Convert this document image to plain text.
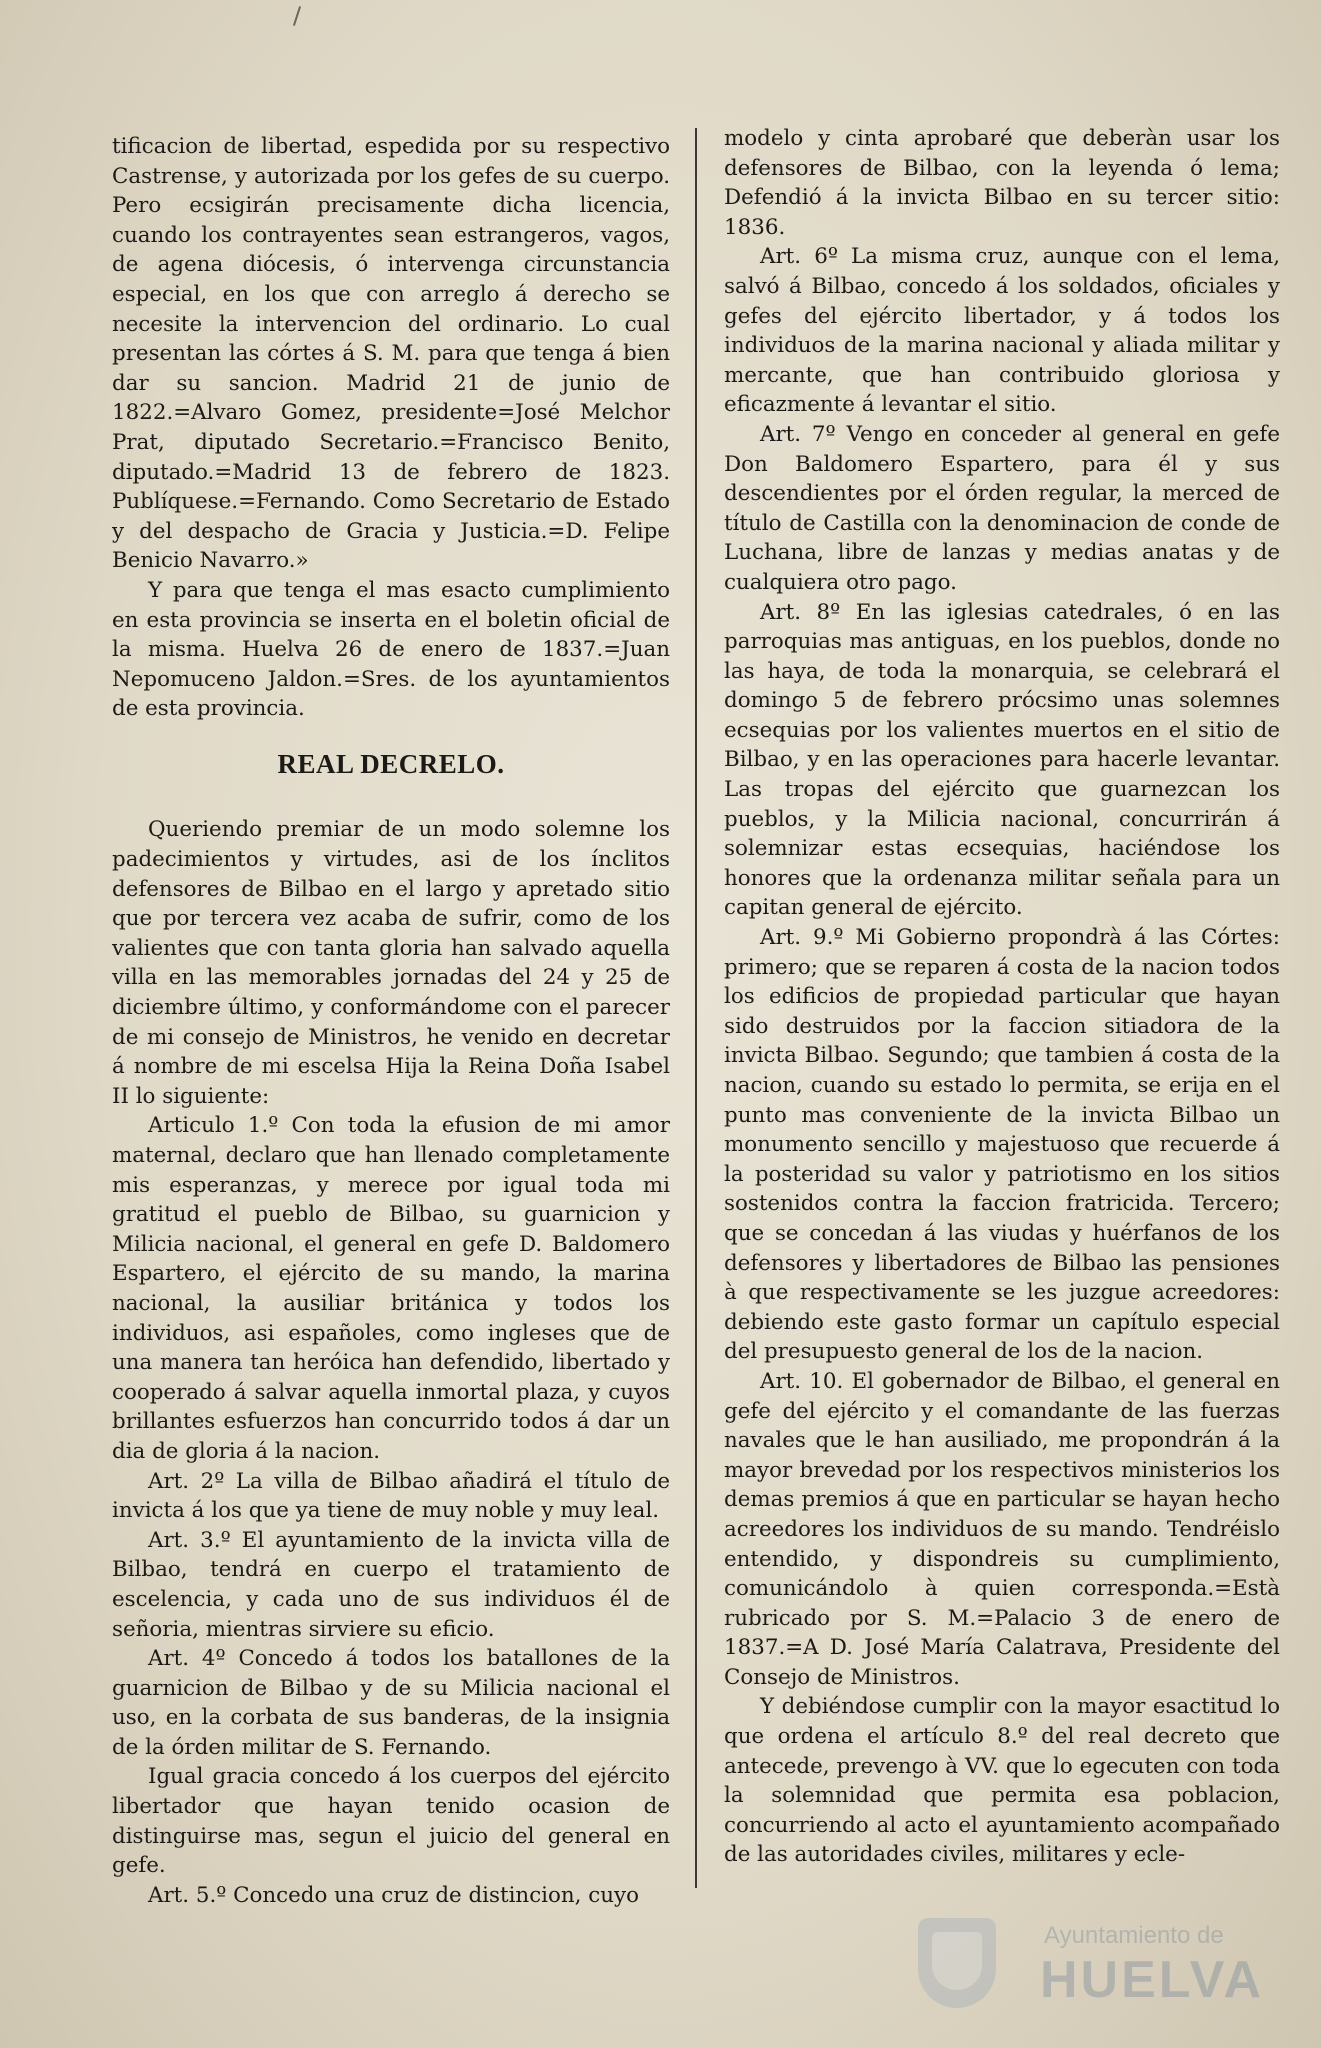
tificacion de libertad, espedida por su respectivo Castrense, y autorizada por los gefes de su cuerpo. Pero ecsigirán precisamente dicha licencia, cuando los contrayentes sean estrangeros, vagos, de agena diócesis, ó intervenga circunstancia especial, en los que con arreglo á derecho se necesite la intervencion del ordinario. Lo cual presentan las córtes á S. M. para que tenga á bien dar su sancion. Madrid 21 de junio de 1822.=Alvaro Gomez, presidente=José Melchor Prat, diputado Secretario.=Francisco Benito, diputado.=Madrid 13 de febrero de 1823. Publíquese.=Fernando. Como Secretario de Estado y del despacho de Gracia y Justicia.=D. Felipe Benicio Navarro.»

Y para que tenga el mas esacto cumplimiento en esta provincia se inserta en el boletin oficial de la misma. Huelva 26 de enero de 1837.=Juan Nepomuceno Jaldon.=Sres. de los ayuntamientos de esta provincia.

REAL DECRELO.

Queriendo premiar de un modo solemne los padecimientos y virtudes, asi de los ínclitos defensores de Bilbao en el largo y apretado sitio que por tercera vez acaba de sufrir, como de los valientes que con tanta gloria han salvado aquella villa en las memorables jornadas del 24 y 25 de diciembre último, y conformándome con el parecer de mi consejo de Ministros, he venido en decretar á nombre de mi escelsa Hija la Reina Doña Isabel II lo siguiente:

Articulo 1.º Con toda la efusion de mi amor maternal, declaro que han llenado completamente mis esperanzas, y merece por igual toda mi gratitud el pueblo de Bilbao, su guarnicion y Milicia nacional, el general en gefe D. Baldomero Espartero, el ejército de su mando, la marina nacional, la ausiliar británica y todos los individuos, asi españoles, como ingleses que de una manera tan heróica han defendido, libertado y cooperado á salvar aquella inmortal plaza, y cuyos brillantes esfuerzos han concurrido todos á dar un dia de gloria á la nacion.

Art. 2º La villa de Bilbao añadirá el título de invicta á los que ya tiene de muy noble y muy leal.

Art. 3.º El ayuntamiento de la invicta villa de Bilbao, tendrá en cuerpo el tratamiento de escelencia, y cada uno de sus individuos él de señoria, mientras sirviere su eficio.

Art. 4º Concedo á todos los batallones de la guarnicion de Bilbao y de su Milicia nacional el uso, en la corbata de sus banderas, de la insignia de la órden militar de S. Fernando.

Igual gracia concedo á los cuerpos del ejército libertador que hayan tenido ocasion de distinguirse mas, segun el juicio del general en gefe.

Art. 5.º Concedo una cruz de distincion, cuyo

modelo y cinta aprobaré que deberàn usar los defensores de Bilbao, con la leyenda ó lema; Defendió á la invicta Bilbao en su tercer sitio: 1836.

Art. 6º La misma cruz, aunque con el lema, salvó á Bilbao, concedo á los soldados, oficiales y gefes del ejército libertador, y á todos los individuos de la marina nacional y aliada militar y mercante, que han contribuido gloriosa y eficazmente á levantar el sitio.

Art. 7º Vengo en conceder al general en gefe Don Baldomero Espartero, para él y sus descendientes por el órden regular, la merced de título de Castilla con la denominacion de conde de Luchana, libre de lanzas y medias anatas y de cualquiera otro pago.

Art. 8º En las iglesias catedrales, ó en las parroquias mas antiguas, en los pueblos, donde no las haya, de toda la monarquia, se celebrará el domingo 5 de febrero prócsimo unas solemnes ecsequias por los valientes muertos en el sitio de Bilbao, y en las operaciones para hacerle levantar. Las tropas del ejército que guarnezcan los pueblos, y la Milicia nacional, concurrirán á solemnizar estas ecsequias, haciéndose los honores que la ordenanza militar señala para un capitan general de ejército.

Art. 9.º Mi Gobierno propondrà á las Córtes: primero; que se reparen á costa de la nacion todos los edificios de propiedad particular que hayan sido destruidos por la faccion sitiadora de la invicta Bilbao. Segundo; que tambien á costa de la nacion, cuando su estado lo permita, se erija en el punto mas conveniente de la invicta Bilbao un monumento sencillo y majestuoso que recuerde á la posteridad su valor y patriotismo en los sitios sostenidos contra la faccion fratricida. Tercero; que se concedan á las viudas y huérfanos de los defensores y libertadores de Bilbao las pensiones à que respectivamente se les juzgue acreedores: debiendo este gasto formar un capítulo especial del presupuesto general de los de la nacion.

Art. 10. El gobernador de Bilbao, el general en gefe del ejército y el comandante de las fuerzas navales que le han ausiliado, me propondrán á la mayor brevedad por los respectivos ministerios los demas premios á que en particular se hayan hecho acreedores los individuos de su mando. Tendréislo entendido, y dispondreis su cumplimiento, comunicándolo à quien corresponda.=Està rubricado por S. M.=Palacio 3 de enero de 1837.=A D. José María Calatrava, Presidente del Consejo de Ministros.

Y debiéndose cumplir con la mayor esactitud lo que ordena el artículo 8.º del real decreto que antecede, prevengo à VV. que lo egecuten con toda la solemnidad que permita esa poblacion, concurriendo al acto el ayuntamiento acompañado de las autoridades civiles, militares y ecle-

Ayuntamiento de
HUELVA
